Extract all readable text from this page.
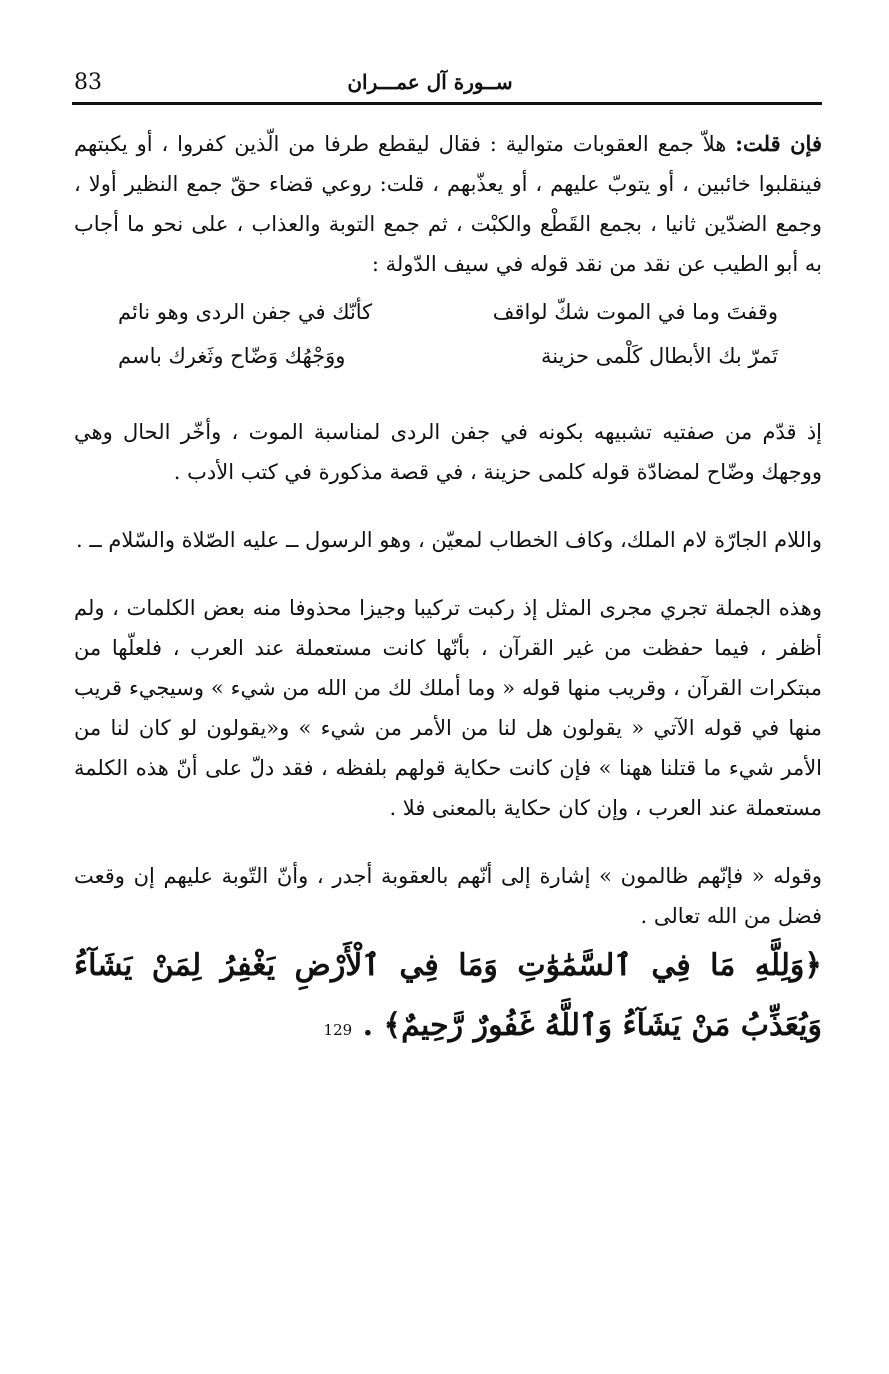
83	ســورة آل عمـــران

فإن قلت: هلاّ جمع العقوبات متوالية : فقال ليقطع طرفا من الّذين كفروا ، أو يكبتهم فينقلبوا خائبين ، أو يتوبّ عليهم ، أو يعذّبهم ، قلت: روعي قضاء حقّ جمع النظير أولا ، وجمع الضدّين ثانيا ، بجمع القَطْع والكبْت ، ثم جمع التوبة والعذاب ، على نحو ما أجاب به أبو الطيب عن نقد من نقد قوله في سيف الدّولة :

وقفتَ وما في الموت شكّ لواقف
كأنّك في جفن الردى وهو نائم
تَمرّ بك الأبطال كَلْمى حزينة
ووَجْهُك وَضّاح وثَغرك باسم

إذ قدّم من صفتيه تشبيهه بكونه في جفن الردى لمناسبة الموت ، وأخّر الحال وهي ووجهك وضّاح لمضادّة قوله كلمى حزينة ، في قصة مذكورة في كتب الأدب .

واللام الجارّة لام الملك، وكاف الخطاب لمعيّن ، وهو الرسول ــ عليه الصّلاة والسّلام ــ .

وهذه الجملة تجري مجرى المثل إذ ركبت تركيبا وجيزا محذوفا منه بعض الكلمات ، ولم أظفر ، فيما حفظت من غير القرآن ، بأنّها كانت مستعملة عند العرب ، فلعلّها من مبتكرات القرآن ، وقريب منها قوله « وما أملك لك من الله من شيء » وسيجيء قريب منها في قوله الآتي « يقولون هل لنا من الأمر من شيء » و«يقولون لو كان لنا من الأمر شيء ما قتلنا ههنا » فإن كانت حكاية قولهم بلفظه ، فقد دلّ على أنّ هذه الكلمة مستعملة عند العرب ، وإن كان حكاية بالمعنى فلا .

وقوله « فإنّهم ظالمون » إشارة إلى أنّهم بالعقوبة أجدر ، وأنّ التّوبة عليهم إن وقعت فضل من الله تعالى .

﴿وَلِلَّهِ مَا فِي ٱلسَّمَٰوَٰتِ وَمَا فِي ٱلْأَرْضِ يَغْفِرُ لِمَنْ يَشَآءُ وَيُعَذِّبُ مَنْ يَشَآءُ وَٱللَّهُ غَفُورٌ رَّحِيمٌ﴾ . 129
